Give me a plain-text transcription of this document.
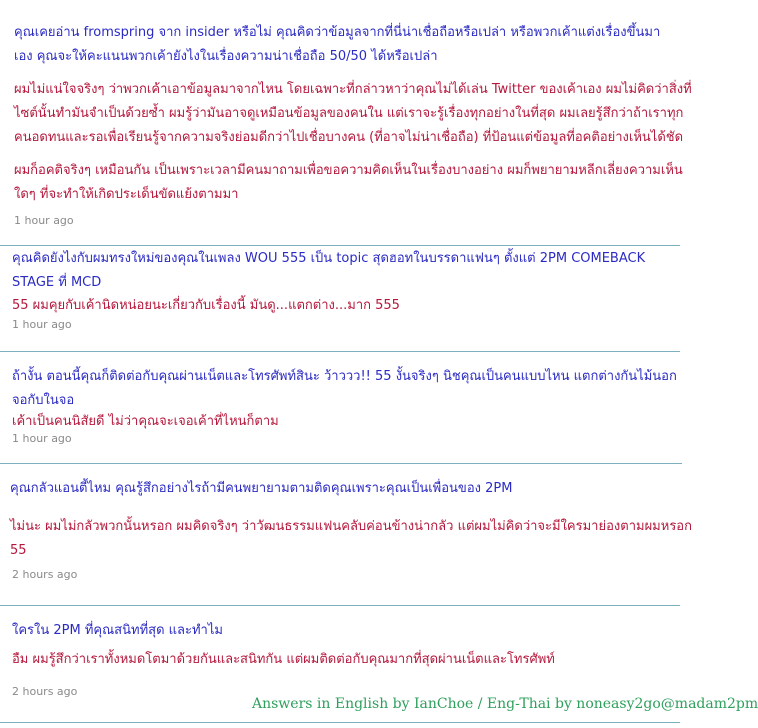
คุณเคยอ่าน fromspring จาก insider หรือไม่ คุณคิดว่าข้อมูลจากที่นี่น่าเชื่อถือหรือเปล่า หรือพวกเค้าแต่งเรื่องขึ้นมาเอง คุณจะให้คะแนนพวกเค้ายังไงในเรื่องความน่าเชื่อถือ 50/50 ได้หรือเปล่า

ผมไม่แน่ใจจริงๆ ว่าพวกเค้าเอาข้อมูลมาจากไหน โดยเฉพาะที่กล่าวหาว่าคุณไม่ได้เล่น Twitter ของเค้าเอง ผมไม่คิดว่าสิ่งที่ไซต์นั้นทำมันจำเป็นด้วยซ้ำ ผมรู้ว่ามันอาจดูเหมือนข้อมูลของคนใน แต่เราจะรู้เรื่องทุกอย่างในที่สุด ผมเลยรู้สึกว่าถ้าเราทุกคนอดทนและรอเพื่อเรียนรู้จากความจริงย่อมดีกว่าไปเชื่อบางคน (ที่อาจไม่น่าเชื่อถือ) ที่ป้อนแต่ข้อมูลที่อคติอย่างเห็นได้ชัด

ผมก็อคติจริงๆ เหมือนกัน เป็นเพราะเวลามีคนมาถามเพื่อขอความคิดเห็นในเรื่องบางอย่าง ผมก็พยายามหลีกเลี่ยงความเห็นใดๆ ที่จะทำให้เกิดประเด็นขัดแย้งตามมา

1 hour ago

คุณคิดยังไงกับผมทรงใหม่ของคุณในเพลง WOU 555 เป็น topic สุดฮอทในบรรดาแฟนๆ ตั้งแต่ 2PM COMEBACK STAGE ที่ MCD

55 ผมคุยกับเค้านิดหน่อยนะเกี่ยวกับเรื่องนี้ มันดู...แตกต่าง...มาก 555

1 hour ago

ถ้างั้น ตอนนี้คุณก็ติดต่อกับคุณผ่านเน็ตและโทรศัพท์สินะ ว้าววว!! 55 งั้นจริงๆ นิชคุณเป็นคนแบบไหน แตกต่างกันไม้นอกจอกับในจอ

เค้าเป็นคนนิสัยดี ไม่ว่าคุณจะเจอเค้าที่ไหนก็ตาม

1 hour ago

คุณกลัวแอนตี้ไหม คุณรู้สึกอย่างไรถ้ามีคนพยายามตามติดคุณเพราะคุณเป็นเพื่อนของ 2PM

ไม่นะ ผมไม่กลัวพวกนั้นหรอก ผมคิดจริงๆ ว่าวัฒนธรรมแฟนคลับค่อนข้างน่ากลัว แต่ผมไม่คิดว่าจะมีใครมาย่องตามผมหรอก 55

2 hours ago

ใครใน 2PM ที่คุณสนิทที่สุด และทำไม

อืม ผมรู้สึกว่าเราทั้งหมดโตมาด้วยกันและสนิทกัน แต่ผมติดต่อกับคุณมากที่สุดผ่านเน็ตและโทรศัพท์

2 hours ago

Answers in English by IanChoe / Eng-Thai by noneasy2go@madam2pm
